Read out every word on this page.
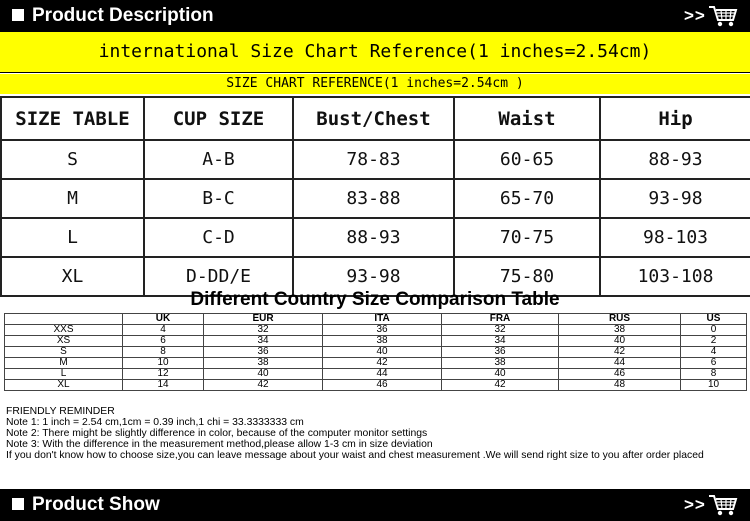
Product Description	>>
international Size Chart Reference(1 inches=2.54cm)
SIZE CHART REFERENCE(1 inches=2.54cm )
SIZE TABLE	CUP SIZE	Bust/Chest	Waist	Hip
S	A-B	78-83	60-65	88-93
M	B-C	83-88	65-70	93-98
L	C-D	88-93	70-75	98-103
XL	D-DD/E	93-98	75-80	103-108
Different Country Size Comparison Table
	UK	EUR	ITA	FRA	RUS	US
XXS	4	32	36	32	38	0
XS	6	34	38	34	40	2
S	8	36	40	36	42	4
M	10	38	42	38	44	6
L	12	40	44	40	46	8
XL	14	42	46	42	48	10
FRIENDLY REMINDER
Note 1: 1 inch = 2.54 cm,1cm = 0.39 inch,1 chi = 33.3333333 cm
Note 2: There might be slightly difference in color, because of the computer monitor settings
Note 3: With the difference in the measurement method,please allow 1-3 cm in size deviation
If you don't know how to choose size,you can leave message about your waist and chest measurement .We will send right size to you after order placed
Product Show	>>
